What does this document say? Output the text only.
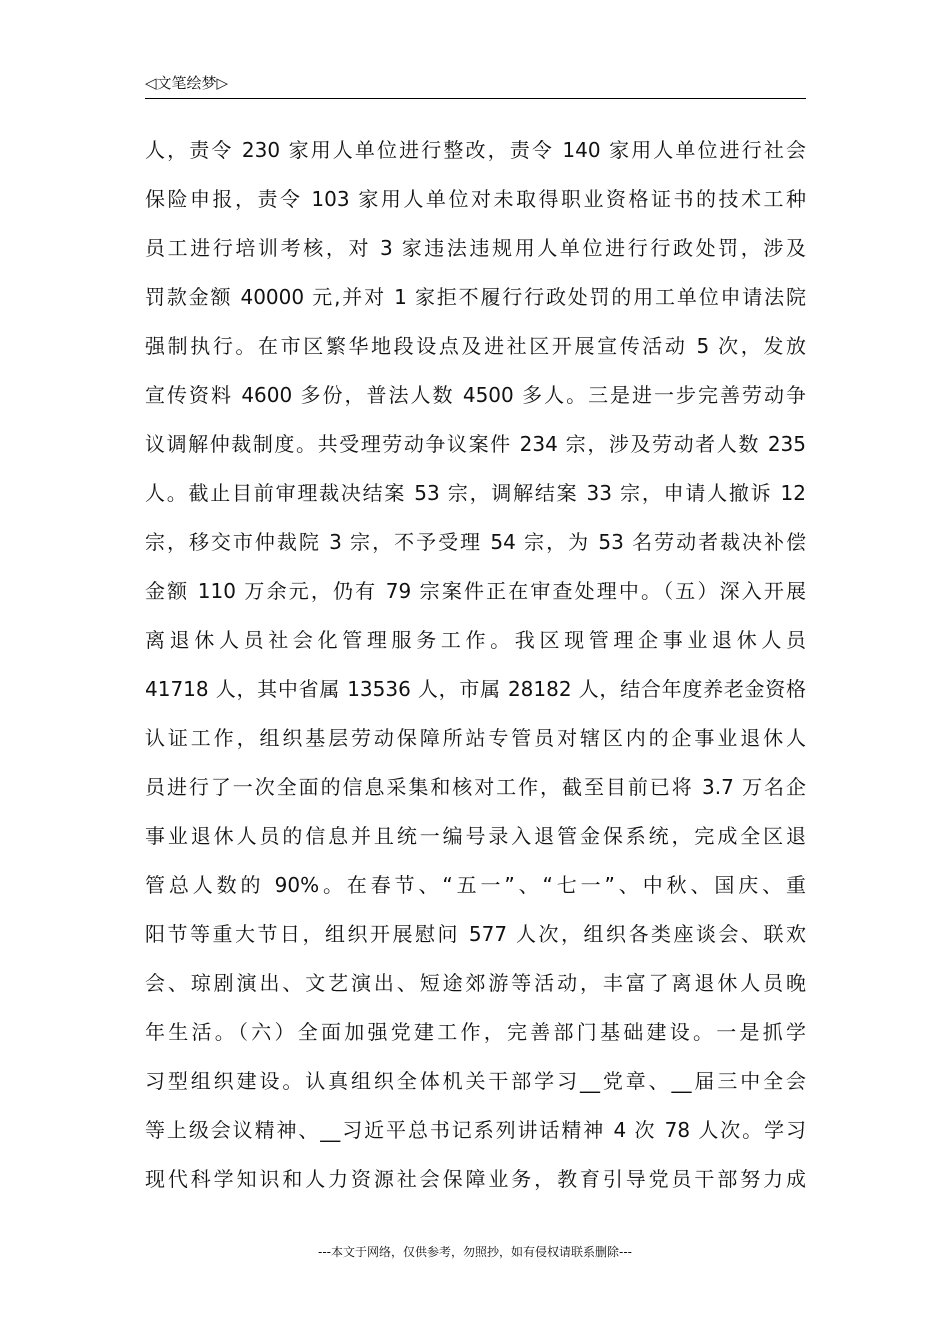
◁文笔绘梦▷
人，责令 230 家用人单位进行整改，责令 140 家用人单位进行社会
保险申报，责令 103 家用人单位对未取得职业资格证书的技术工种
员工进行培训考核，对 3 家违法违规用人单位进行行政处罚，涉及
罚款金额 40000 元,并对 1 家拒不履行行政处罚的用工单位申请法院
强制执行。在市区繁华地段设点及进社区开展宣传活动 5 次，发放
宣传资料 4600 多份，普法人数 4500 多人。三是进一步完善劳动争
议调解仲裁制度。共受理劳动争议案件 234 宗，涉及劳动者人数 235
人。截止目前审理裁决结案 53 宗，调解结案 33 宗，申请人撤诉 12
宗，移交市仲裁院 3 宗，不予受理 54 宗，为 53 名劳动者裁决补偿
金额 110 万余元，仍有 79 宗案件正在审查处理中。（五）深入开展
离退休人员社会化管理服务工作。我区现管理企事业退休人员
41718 人，其中省属 13536 人，市属 28182 人，结合年度养老金资格
认证工作，组织基层劳动保障所站专管员对辖区内的企事业退休人
员进行了一次全面的信息采集和核对工作，截至目前已将 3.7 万名企
事业退休人员的信息并且统一编号录入退管金保系统，完成全区退
管总人数的 90%。在春节、“五一”、“七一”、中秋、国庆、重
阳节等重大节日，组织开展慰问 577 人次，组织各类座谈会、联欢
会、琼剧演出、文艺演出、短途郊游等活动，丰富了离退休人员晚
年生活。（六）全面加强党建工作，完善部门基础建设。一是抓学
习型组织建设。认真组织全体机关干部学习__党章、__届三中全会
等上级会议精神、__习近平总书记系列讲话精神 4 次 78 人次。学习
现代科学知识和人力资源社会保障业务，教育引导党员干部努力成
---本文于网络，仅供参考，勿照抄，如有侵权请联系删除---
